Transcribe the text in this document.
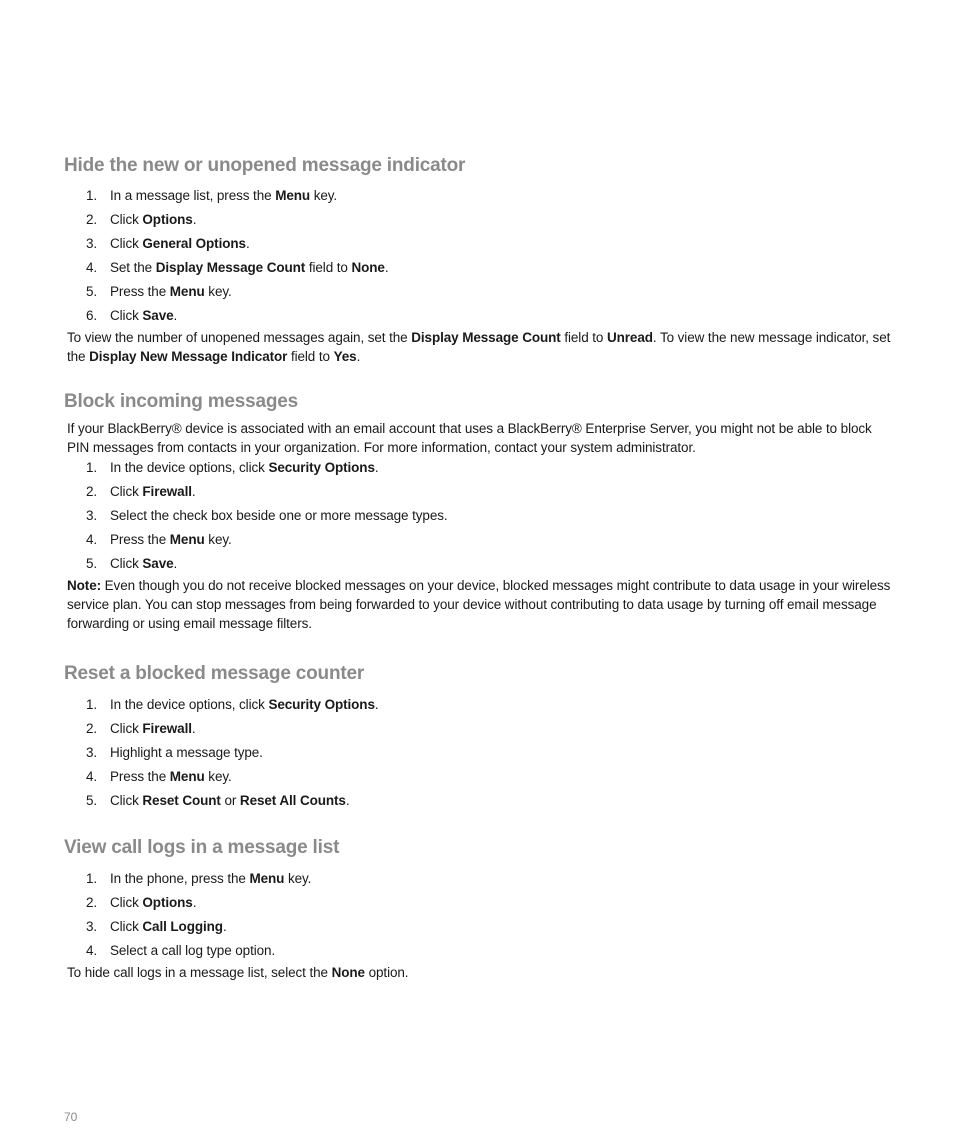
Hide the new or unopened message indicator
1. In a message list, press the Menu key.
2. Click Options.
3. Click General Options.
4. Set the Display Message Count field to None.
5. Press the Menu key.
6. Click Save.

To view the number of unopened messages again, set the Display Message Count field to Unread. To view the new message indicator, set the Display New Message Indicator field to Yes.

Block incoming messages

If your BlackBerry® device is associated with an email account that uses a BlackBerry® Enterprise Server, you might not be able to block PIN messages from contacts in your organization. For more information, contact your system administrator.

1. In the device options, click Security Options.
2. Click Firewall.
3. Select the check box beside one or more message types.
4. Press the Menu key.
5. Click Save.

Note: Even though you do not receive blocked messages on your device, blocked messages might contribute to data usage in your wireless service plan. You can stop messages from being forwarded to your device without contributing to data usage by turning off email message forwarding or using email message filters.

Reset a blocked message counter
1. In the device options, click Security Options.
2. Click Firewall.
3. Highlight a message type.
4. Press the Menu key.
5. Click Reset Count or Reset All Counts.
View call logs in a message list
1. In the phone, press the Menu key.
2. Click Options.
3. Click Call Logging.
4. Select a call log type option.

To hide call logs in a message list, select the None option.

70
